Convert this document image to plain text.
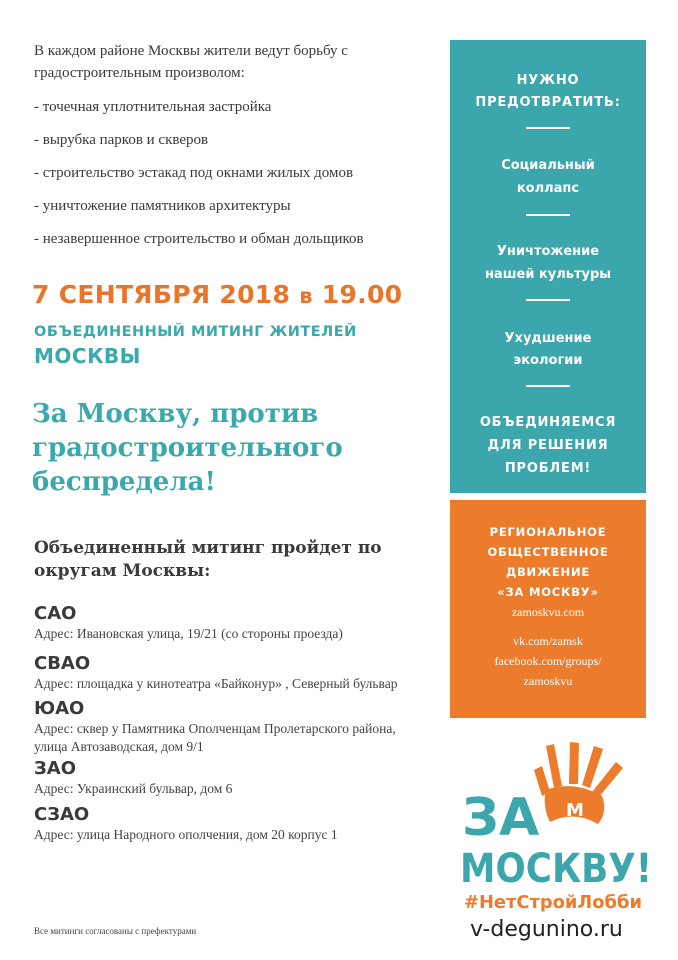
В каждом районе Москвы жители ведут борьбу с

градостроительным произволом:

- точечная уплотнительная застройка
- вырубка парков и скверов
- строительство эстакад под окнами жилых домов
- уничтожение памятников архитектуры
- незавершенное строительство и обман дольщиков
7 СЕНТЯБРЯ 2018 в 19.00
ОБЪЕДИНЕННЫЙ МИТИНГ ЖИТЕЛЕЙ
МОСКВЫ
За Москву, против
градостроительного
беспредела!
Объединенный митинг пройдет по
округам Москвы:
САО
Адрес: Ивановская улица, 19/21 (со стороны проезда)
СВАО
Адрес: площадка у кинотеатра «Байконур» , Северный бульвар
ЮАО
Адрес: сквер у Памятника Ополченцам Пролетарского района,
улица Автозаводская, дом 9/1
ЗАО
Адрес: Украинский бульвар, дом 6
СЗАО
Адрес: улица Народного ополчения, дом 20 корпус 1
Все митинги согласованы с префектурами
НУЖНО
ПРЕДОТВРАТИТЬ:
Социальный
коллапс
Уничтожение
нашей культуры
Ухудшение
экологии
ОБЪЕДИНЯЕМСЯ
ДЛЯ РЕШЕНИЯ
ПРОБЛЕМ!
РЕГИОНАЛЬНОЕ
ОБЩЕСТВЕННОЕ
ДВИЖЕНИЕ
«ЗА МОСКВУ»
zamoskvu.com
vk.com/zamsk
facebook.com/groups/
zamoskvu
М
ЗА
МОСКВУ!
#НетСтройЛобби
v-degunino.ru
